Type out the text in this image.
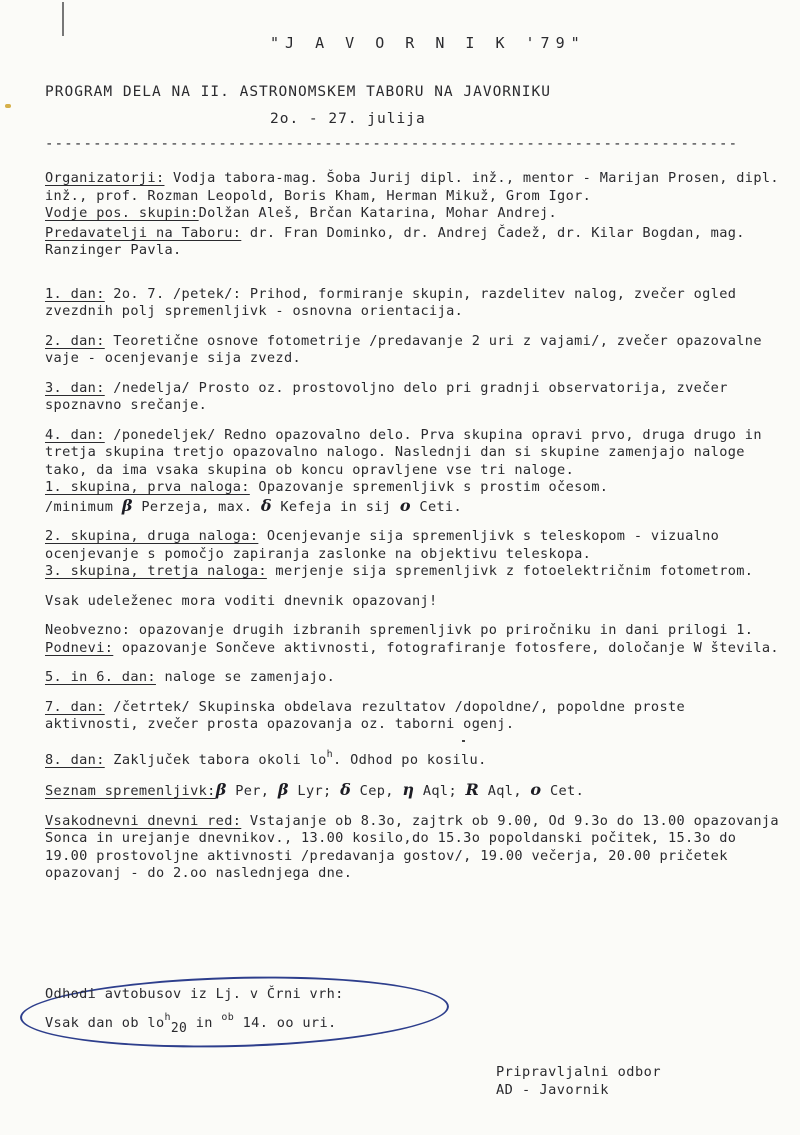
"J A V O R N I K '79"
PROGRAM DELA NA II. ASTRONOMSKEM TABORU NA JAVORNIKU
2o. - 27. julija
------------------------------------------------------------------------

Organizatorji: Vodja tabora-mag. Šoba Jurij dipl. inž., mentor - Marijan Prosen, dipl. inž., prof. Rozman Leopold, Boris Kham, Herman Mikuž, Grom Igor.

Vodje pos. skupin:Dolžan Aleš, Brčan Katarina, Mohar Andrej.

Predavatelji na Taboru: dr. Fran Dominko, dr. Andrej Čadež, dr. Kilar Bogdan, mag. Ranzinger Pavla.

1. dan: 2o. 7. /petek/: Prihod, formiranje skupin, razdelitev nalog, zvečer ogled zvezdnih polj spremenljivk - osnovna orientacija.

2. dan: Teoretične osnove fotometrije /predavanje 2 uri z vajami/, zvečer opazovalne vaje - ocenjevanje sija zvezd.

3. dan: /nedelja/ Prosto oz. prostovoljno delo pri gradnji observatorija, zvečer spoznavno srečanje.

4. dan: /ponedeljek/ Redno opazovalno delo. Prva skupina opravi prvo, druga drugo in tretja skupina tretjo opazovalno nalogo. Naslednji dan si skupine zamenjajo naloge tako, da ima vsaka skupina ob koncu opravljene vse tri naloge.

1. skupina, prva naloga: Opazovanje spremenljivk s prostim očesom.
/minimum β Perzeja, max. δ Kefeja in sij o Ceti.

2. skupina, druga naloga: Ocenjevanje sija spremenljivk s teleskopom - vizualno ocenjevanje s pomočjo zapiranja zaslonke na objektivu teleskopa.

3. skupina, tretja naloga: merjenje sija spremenljivk z fotoelektričnim fotometrom.

Vsak udeleženec mora voditi dnevnik opazovanj!

Neobvezno: opazovanje drugih izbranih spremenljivk po priročniku in dani prilogi 1.

Podnevi: opazovanje Sončeve aktivnosti, fotografiranje fotosfere, določanje W števila.

5. in 6. dan: naloge se zamenjajo.

7. dan: /četrtek/ Skupinska obdelava rezultatov /dopoldne/, popoldne proste aktivnosti, zvečer prosta opazovanja oz. taborni ogenj.

8. dan: Zaključek tabora okoli $lo^h$. Odhod po kosilu.

Seznam spremenljivk:β Per, β Lyr; δ Cep, η Aql; R Aql, o Cet.

Vsakodnevni dnevni red: Vstajanje ob 8.3o, zajtrk ob 9.00, Od 9.3o do 13.00 opazovanja Sonca in urejanje dnevnikov., 13.00 kosilo,do 15.3o popoldanski počitek, 15.3o do 19.00 prostovoljne aktivnosti /predavanja gostov/, 19.00 večerja, 20.00 pričetek opazovanj - do 2.oo naslednjega dne.

Odhodi avtobusov iz Lj. v Črni vrh:
Vsak dan ob $lo^h20$ in $^{ob}$ 14. oo uri.
Pripravljalni odbor
AD - Javornik
